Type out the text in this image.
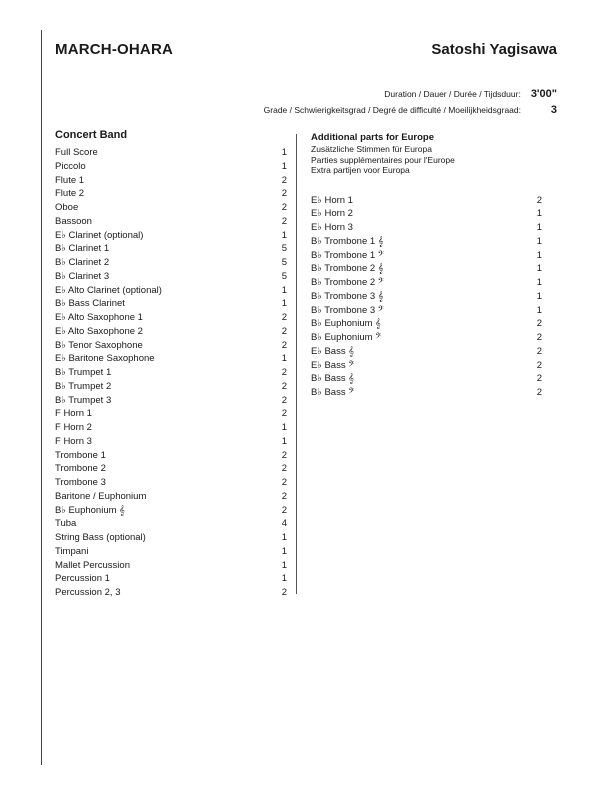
MARCH-OHARA	Satoshi Yagisawa
Duration / Dauer / Durée / Tijdsduur: 3'00"
Grade / Schwierigkeitsgrad / Degré de difficulté / Moeilijkheidsgraad:	3
Concert Band
Full Score	1
Piccolo	1
Flute 1	2
Flute 2	2
Oboe	2
Bassoon	2
E♭ Clarinet (optional)	1
B♭ Clarinet 1	5
B♭ Clarinet 2	5
B♭ Clarinet 3	5
E♭ Alto Clarinet (optional)	1
B♭ Bass Clarinet	1
E♭ Alto Saxophone 1	2
E♭ Alto Saxophone 2	2
B♭ Tenor Saxophone	2
E♭ Baritone Saxophone	1
B♭ Trumpet 1	2
B♭ Trumpet 2	2
B♭ Trumpet 3	2
F Horn 1	2
F Horn 2	1
F Horn 3	1
Trombone 1	2
Trombone 2	2
Trombone 3	2
Baritone / Euphonium	2
B♭ Euphonium 𝄞	2
Tuba	4
String Bass (optional)	1
Timpani	1
Mallet Percussion	1
Percussion 1	1
Percussion 2, 3	2
Additional parts for Europe
Zusätzliche Stimmen für Europa
Parties supplémentaires pour l'Europe
Extra partijen voor Europa
E♭ Horn 1	2
E♭ Horn 2	1
E♭ Horn 3	1
B♭ Trombone 1 𝄞	1
B♭ Trombone 1 𝄢	1
B♭ Trombone 2 𝄞	1
B♭ Trombone 2 𝄢	1
B♭ Trombone 3 𝄞	1
B♭ Trombone 3 𝄢	1
B♭ Euphonium 𝄞	2
B♭ Euphonium 𝄢	2
E♭ Bass 𝄞	2
E♭ Bass 𝄢	2
B♭ Bass 𝄞	2
B♭ Bass 𝄢	2
